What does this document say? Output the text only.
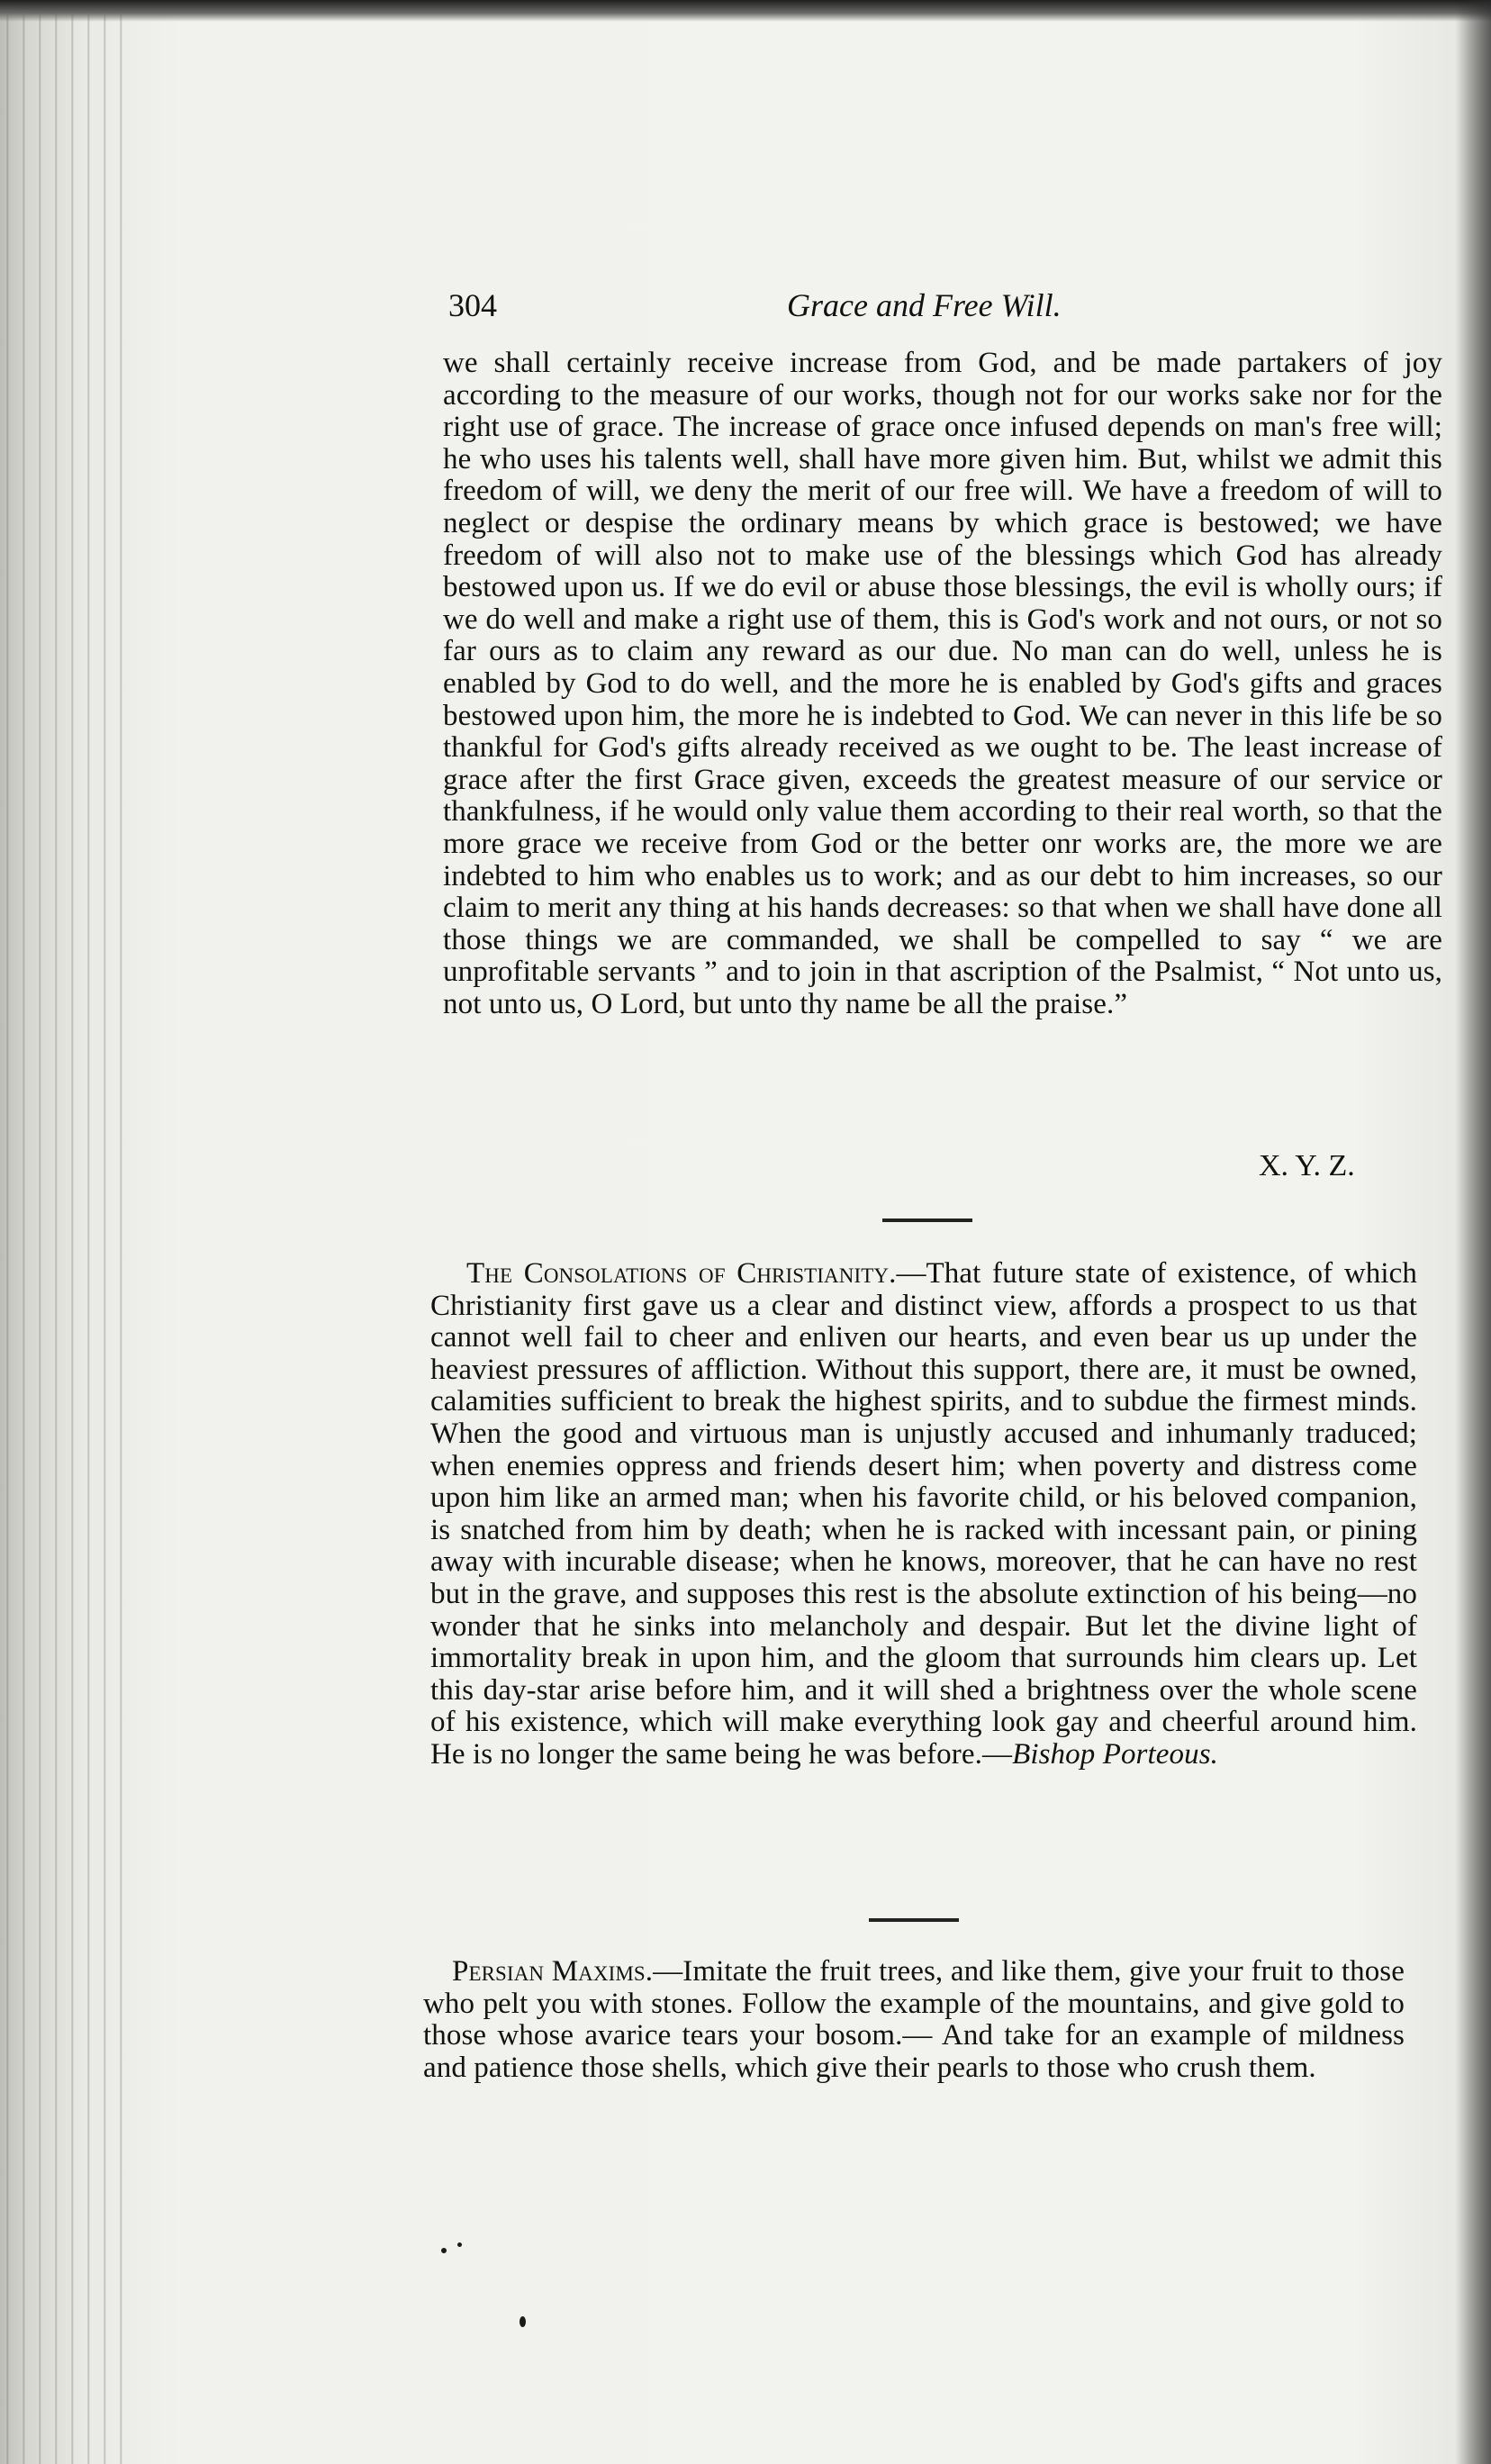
304	Grace and Free Will.
we shall certainly receive increase from God, and be made partakers of joy according to the measure of our works, though not for our works sake nor for the right use of grace. The increase of grace once infused depends on man's free will; he who uses his talents well, shall have more given him. But, whilst we admit this freedom of will, we deny the merit of our free will. We have a freedom of will to neglect or despise the ordinary means by which grace is bestowed; we have freedom of will also not to make use of the blessings which God has already bestowed upon us. If we do evil or abuse those blessings, the evil is wholly ours; if we do well and make a right use of them, this is God's work and not ours, or not so far ours as to claim any reward as our due. No man can do well, unless he is enabled by God to do well, and the more he is enabled by God's gifts and graces bestowed upon him, the more he is indebted to God. We can never in this life be so thankful for God's gifts already received as we ought to be. The least increase of grace after the first Grace given, exceeds the greatest measure of our service or thankfulness, if he would only value them according to their real worth, so that the more grace we receive from God or the better onr works are, the more we are indebted to him who enables us to work; and as our debt to him increases, so our claim to merit any thing at his hands decreases: so that when we shall have done all those things we are commanded, we shall be compelled to say “ we are unprofitable servants ” and to join in that ascription of the Psalmist, “ Not unto us, not unto us, O Lord, but unto thy name be all the praise.”
X. Y. Z.
The Consolations of Christianity.—That future state of existence, of which Christianity first gave us a clear and distinct view, affords a prospect to us that cannot well fail to cheer and enliven our hearts, and even bear us up under the heaviest pressures of affliction. Without this support, there are, it must be owned, calamities sufficient to break the highest spirits, and to subdue the firmest minds. When the good and virtuous man is unjustly accused and inhumanly traduced; when enemies oppress and friends desert him; when poverty and distress come upon him like an armed man; when his favorite child, or his beloved companion, is snatched from him by death; when he is racked with incessant pain, or pining away with incurable disease; when he knows, moreover, that he can have no rest but in the grave, and supposes this rest is the absolute extinction of his being—no wonder that he sinks into melancholy and despair. But let the divine light of immortality break in upon him, and the gloom that surrounds him clears up. Let this day-star arise before him, and it will shed a brightness over the whole scene of his existence, which will make everything look gay and cheerful around him. He is no longer the same being he was before.—Bishop Porteous.
Persian Maxims.—Imitate the fruit trees, and like them, give your fruit to those who pelt you with stones. Follow the example of the mountains, and give gold to those whose avarice tears your bosom.— And take for an example of mildness and patience those shells, which give their pearls to those who crush them.
